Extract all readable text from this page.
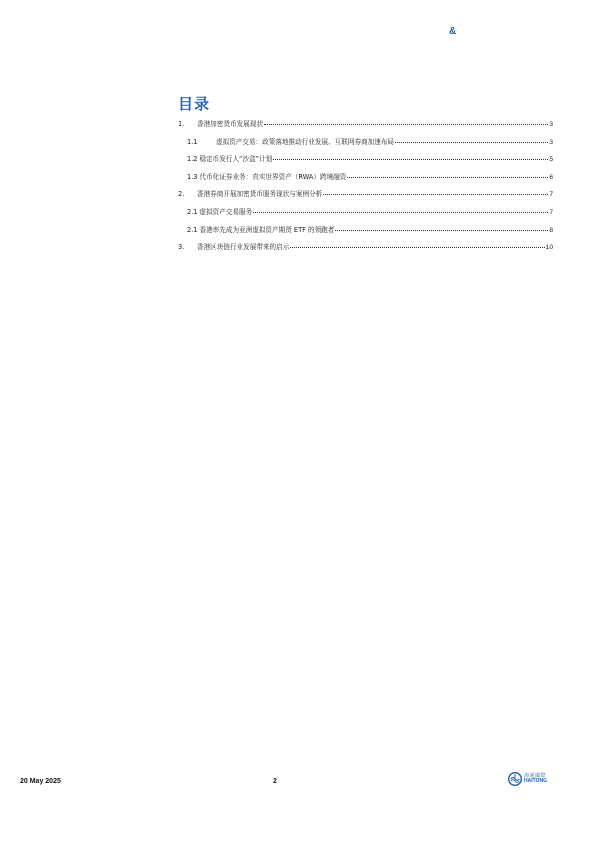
&
目录
1.	香港加密货币发展现状	3
1.1	虚拟资产交易：政策落地推动行业发展、互联网券商加速布局	3
1.2 稳定币发行人“沙盒”计划	5
1.3 代币化证券业务：真实世界资产（RWA）跨境融资	6
2.	香港券商开展加密货币服务现状与案例分析	7
2.1 虚拟资产交易服务	7
2.1 香港率先成为亚洲虚拟资产期货 ETF 的领跑者	8
3.	香港区块链行业发展带来的启示	10
20 May 2025	2
海通國際
HAITONG
